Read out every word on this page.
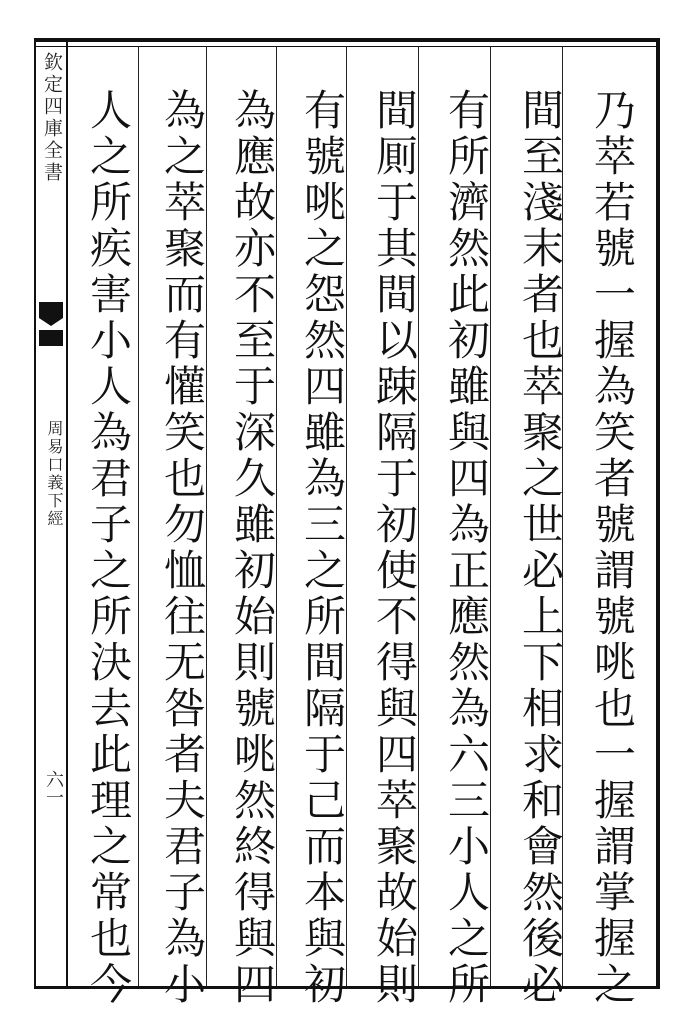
欽定四庫全書
周易口義下經
六一	乃萃若號一握為笑者號謂號咷也一握謂掌握之
間至淺末者也萃聚之世必上下相求和會然後必
有所濟然此初雖與四為正應然為六三小人之所
間厠于其間以踈隔于初使不得與四萃聚故始則
有號咷之怨然四雖為三之所間隔于己而本與初
為應故亦不至于深久雖初始則號咷然終得與四
為之萃聚而有懽笑也勿恤往无咎者夫君子為小
人之所疾害小人為君子之所決去此理之常也今
